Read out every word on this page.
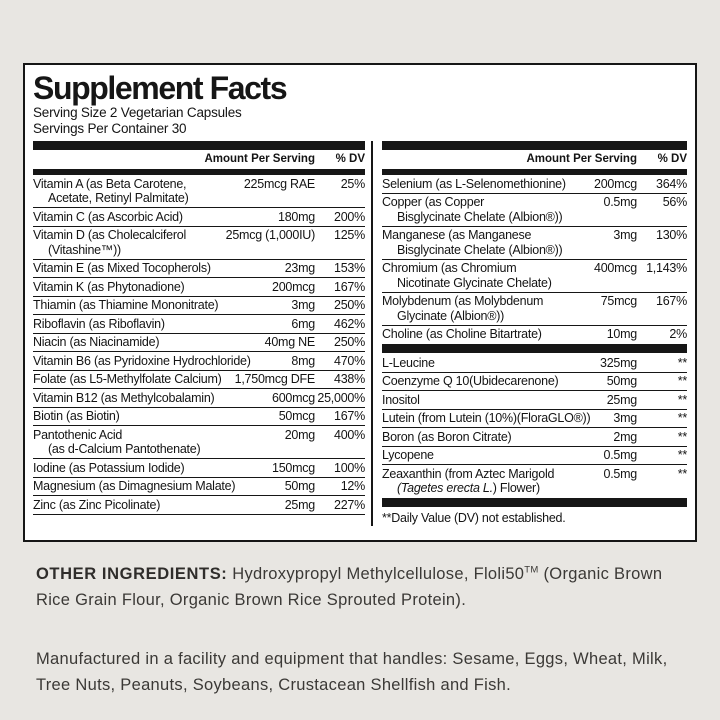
Supplement Facts
Serving Size 2 Vegetarian Capsules
Servings Per Container 30
Amount Per Serving	% DV
Vitamin A (as Beta Carotene,	225mcg RAE	25%
Acetate, Retinyl Palmitate)
Vitamin C (as Ascorbic Acid)	180mg	200%
Vitamin D (as Cholecalciferol	25mcg (1,000IU)	125%
(Vitashine™))
Vitamin E (as Mixed Tocopherols)	23mg	153%
Vitamin K (as Phytonadione)	200mcg	167%
Thiamin (as Thiamine Mononitrate)	3mg	250%
Riboflavin (as Riboflavin)	6mg	462%
Niacin (as Niacinamide)	40mg NE	250%
Vitamin B6 (as Pyridoxine Hydrochloride)	8mg	470%
Folate (as L5-Methylfolate Calcium)	1,750mcg DFE	438%
Vitamin B12 (as Methylcobalamin)	600mcg 25,000%
Biotin (as Biotin)	50mcg	167%
Pantothenic Acid	20mg	400%
(as d-Calcium Pantothenate)
Iodine (as Potassium Iodide)	150mcg	100%
Magnesium (as Dimagnesium Malate)	50mg	12%
Zinc (as Zinc Picolinate)	25mg	227%
Amount Per Serving	% DV
Selenium (as L-Selenomethionine)	200mcg	364%
Copper (as Copper	0.5mg	56%
Bisglycinate Chelate (Albion®))
Manganese (as Manganese	3mg	130%
Bisglycinate Chelate (Albion®))
Chromium (as Chromium	400mcg 1,143%
Nicotinate Glycinate Chelate)
Molybdenum (as Molybdenum	75mcg	167%
Glycinate (Albion®))
Choline (as Choline Bitartrate)	10mg	2%
L-Leucine	325mg	**
Coenzyme Q 10(Ubidecarenone)	50mg	**
Inositol	25mg	**
Lutein (from Lutein (10%)(FloraGLO®))	3mg	**
Boron (as Boron Citrate)	2mg	**
Lycopene	0.5mg	**
Zeaxanthin (from Aztec Marigold	0.5mg	**
(Tagetes erecta L.) Flower)
**Daily Value (DV) not established.

OTHER INGREDIENTS: Hydroxypropyl Methylcellulose, Floli50™ (Organic Brown Rice Grain Flour, Organic Brown Rice Sprouted Protein).

Manufactured in a facility and equipment that handles: Sesame, Eggs, Wheat, Milk, Tree Nuts, Peanuts, Soybeans, Crustacean Shellfish and Fish.
